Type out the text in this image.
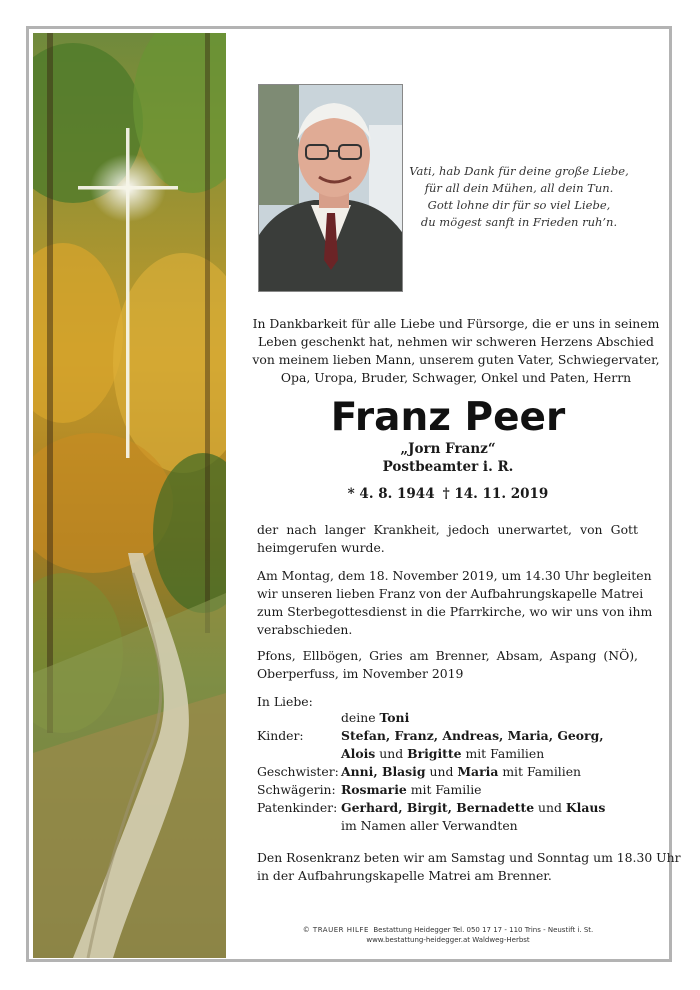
Vati, hab Dank für deine große Liebe,
für all dein Mühen, all dein Tun.
Gott lohne dir für so viel Liebe,
du mögest sanft in Frieden ruh’n.
In Dankbarkeit für alle Liebe und Fürsorge, die er uns in seinem
Leben geschenkt hat, nehmen wir schweren Herzens Abschied
von meinem lieben Mann, unserem guten Vater, Schwiegervater,
Opa, Uropa, Bruder, Schwager, Onkel und Paten, Herrn
Franz Peer
„Jorn Franz“
Postbeamter i. R.
* 4. 8. 1944 † 14. 11. 2019
der nach langer Krankheit, jedoch unerwartet, von Gott
heimgerufen wurde.
Am Montag, dem 18. November 2019, um 14.30 Uhr begleiten
wir unseren lieben Franz von der Aufbahrungskapelle Matrei
zum Sterbegottesdienst in die Pfarrkirche, wo wir uns von ihm
verabschieden.
Pfons, Ellbögen, Gries am Brenner, Absam, Aspang (NÖ),
Oberperfuss, im November 2019
In Liebe:
deine Toni
Kinder:	Stefan, Franz, Andreas, Maria, Georg,
Alois und Brigitte mit Familien
Geschwister: Anni, Blasig und Maria mit Familien
Schwägerin: Rosmarie mit Familie
Patenkinder: Gerhard, Birgit, Bernadette und Klaus
im Namen aller Verwandten
Den Rosenkranz beten wir am Samstag und Sonntag um 18.30 Uhr
in der Aufbahrungskapelle Matrei am Brenner.
© TRAUER HILFE Bestattung Heidegger Tel. 050 17 17 - 110 Trins - Neustift i. St.
www.bestattung-heidegger.at Waldweg-Herbst
